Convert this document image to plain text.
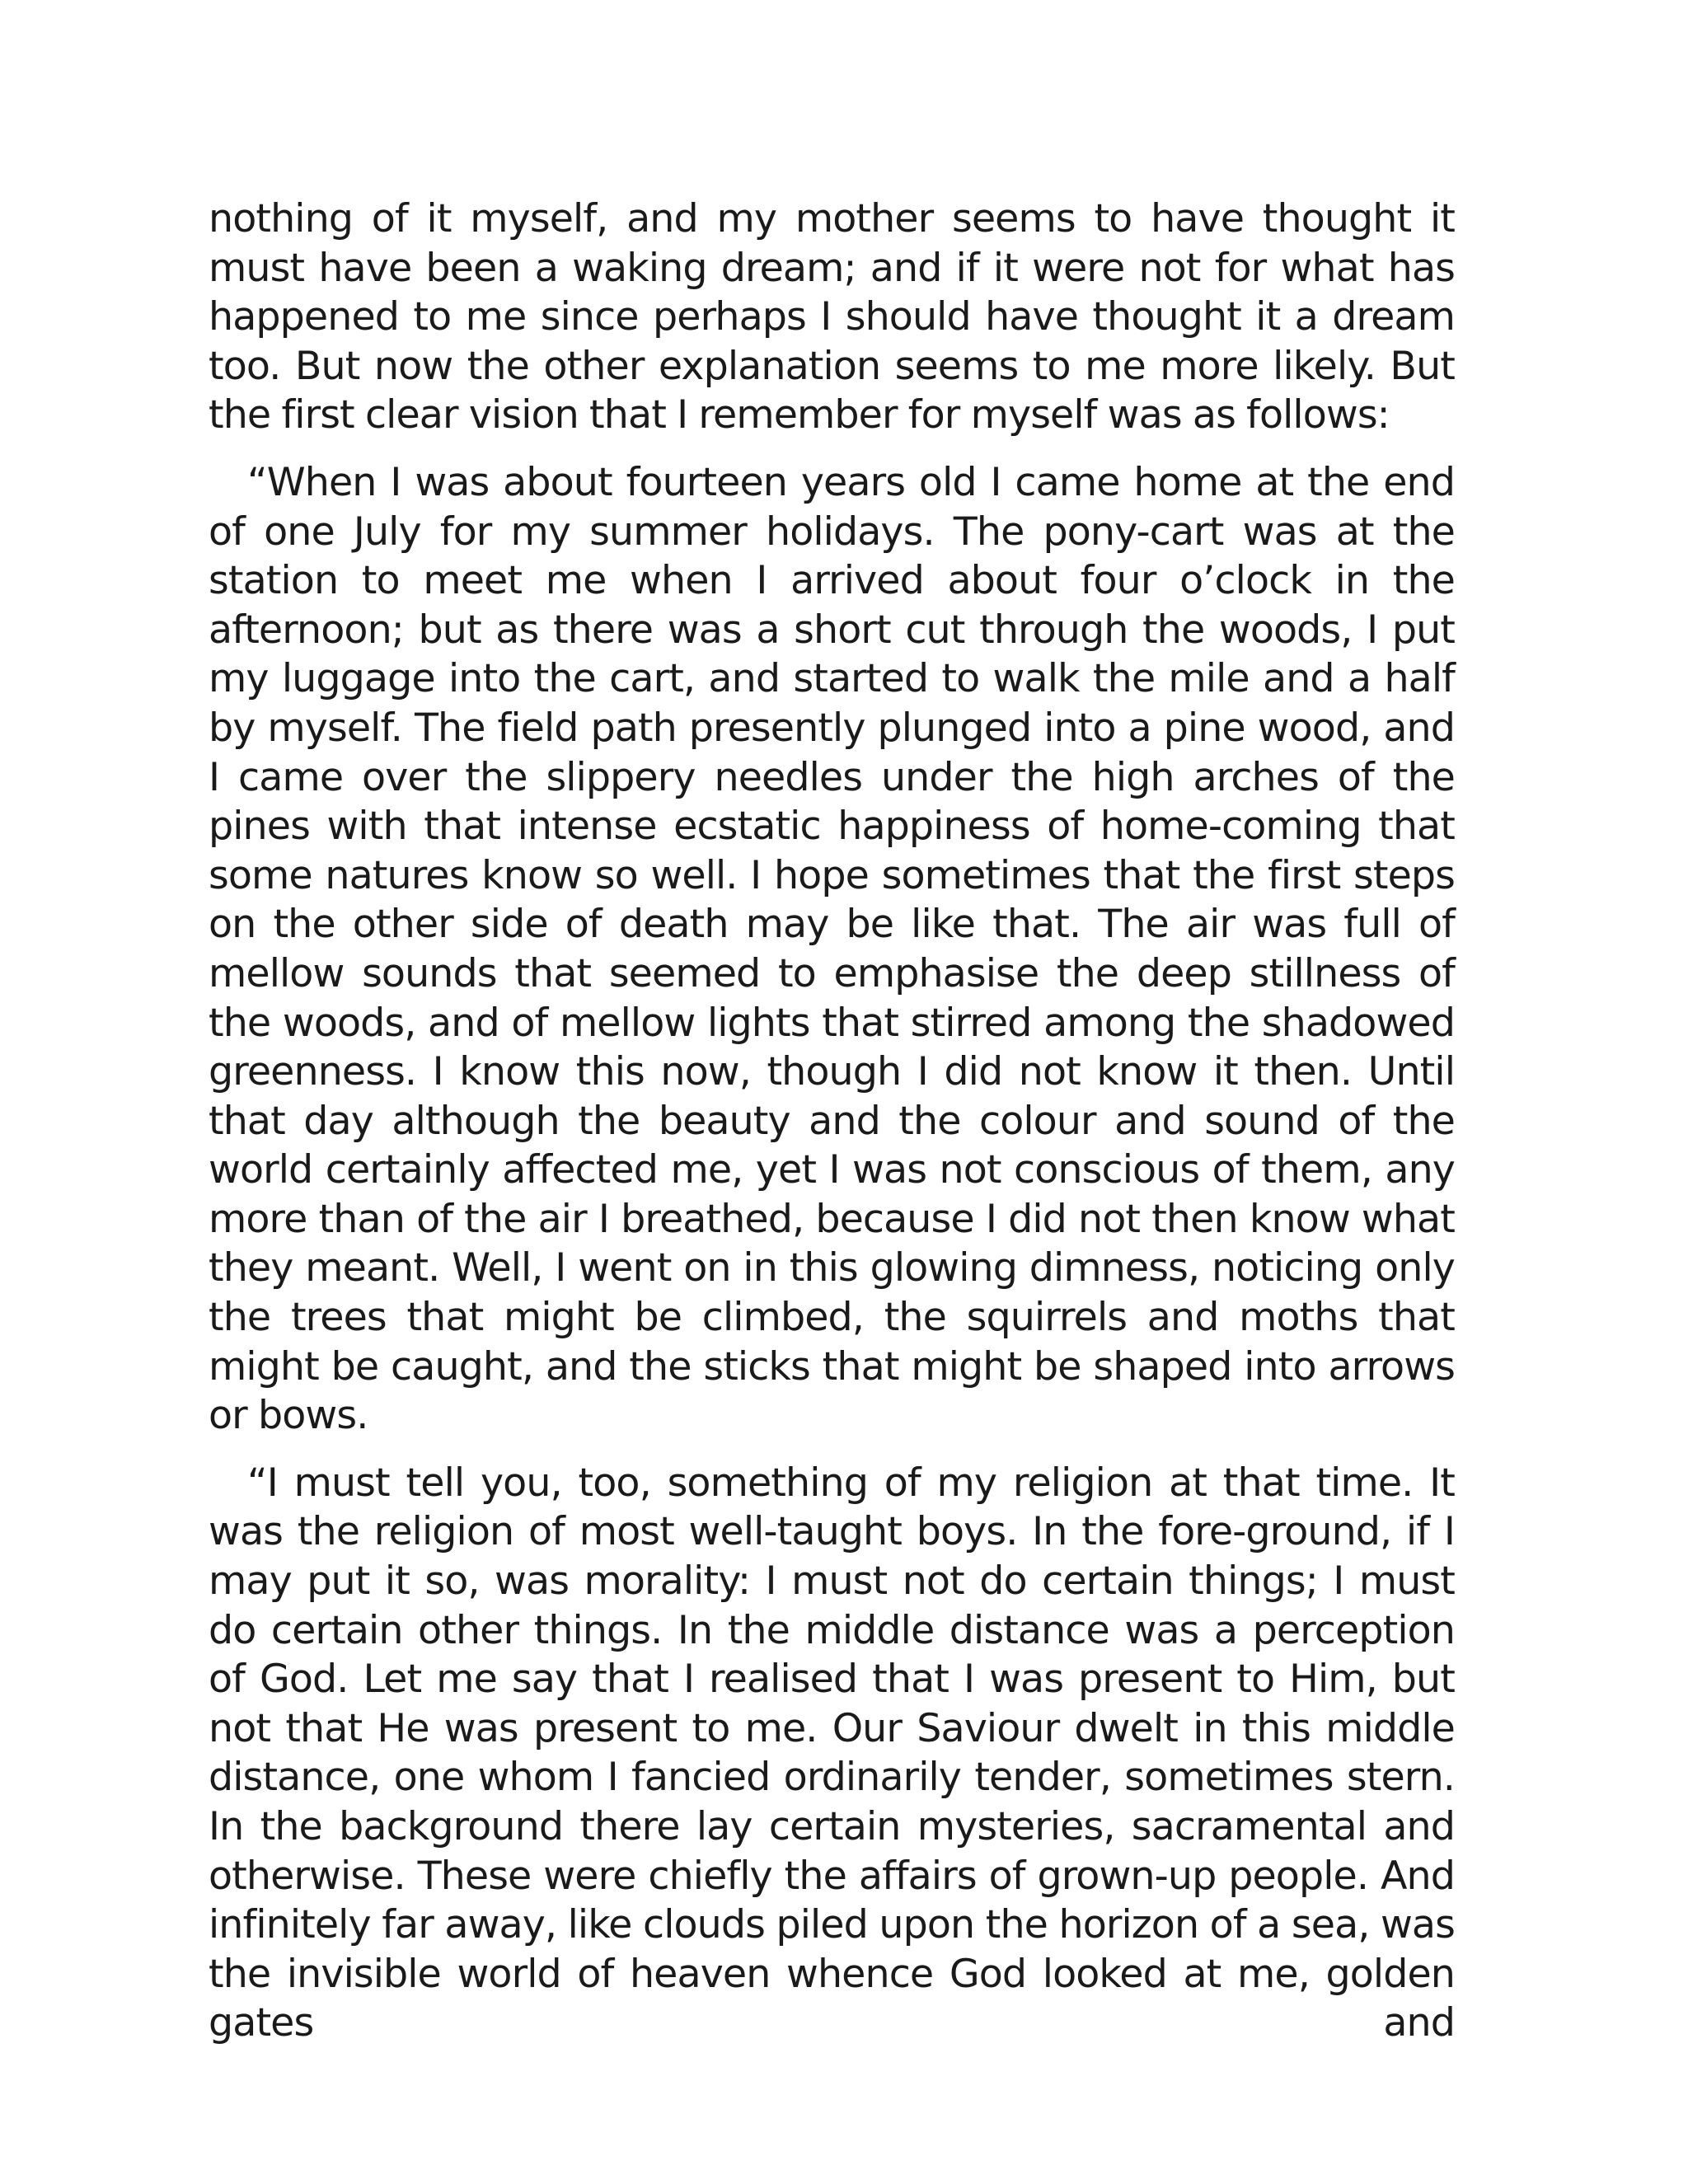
nothing of it myself, and my mother seems to have thought it must have been a waking dream; and if it were not for what has happened to me since perhaps I should have thought it a dream too. But now the other explanation seems to me more likely. But the first clear vision that I remember for myself was as follows:

“When I was about fourteen years old I came home at the end of one July for my summer holidays. The pony-cart was at the station to meet me when I arrived about four o’clock in the afternoon; but as there was a short cut through the woods, I put my luggage into the cart, and started to walk the mile and a half by myself. The field path presently plunged into a pine wood, and I came over the slippery needles under the high arches of the pines with that intense ecstatic happiness of home-coming that some natures know so well. I hope sometimes that the first steps on the other side of death may be like that. The air was full of mellow sounds that seemed to emphasise the deep stillness of the woods, and of mellow lights that stirred among the shadowed greenness. I know this now, though I did not know it then. Until that day although the beauty and the colour and sound of the world certainly affected me, yet I was not conscious of them, any more than of the air I breathed, because I did not then know what they meant. Well, I went on in this glowing dimness, noticing only the trees that might be climbed, the squirrels and moths that might be caught, and the sticks that might be shaped into arrows or bows.

“I must tell you, too, something of my religion at that time. It was the religion of most well-taught boys. In the fore-ground, if I may put it so, was morality: I must not do certain things; I must do certain other things. In the middle distance was a perception of God. Let me say that I realised that I was present to Him, but not that He was present to me. Our Saviour dwelt in this middle distance, one whom I fancied ordinarily tender, sometimes stern. In the background there lay certain mysteries, sacramental and otherwise. These were chiefly the affairs of grown-up people. And infinitely far away, like clouds piled upon the horizon of a sea, was the invisible world of heaven whence God looked at me, golden gates and
